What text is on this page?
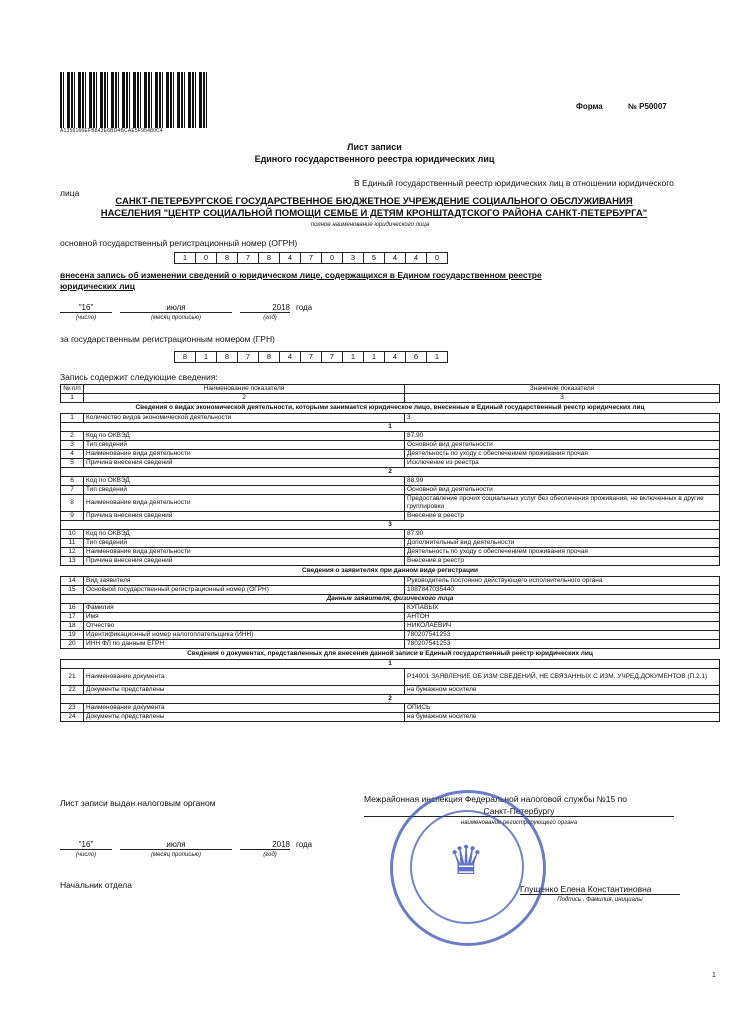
A1356166EFB843E6BD4BCAE5F95480C4
Форма	№ Р50007
Лист записи
Единого государственного реестра юридических лиц
В Единый государственный реестр юридических лиц в отношении юридического
лица
САНКТ-ПЕТЕРБУРГСКОЕ ГОСУДАРСТВЕННОЕ БЮДЖЕТНОЕ УЧРЕЖДЕНИЕ СОЦИАЛЬНОГО ОБСЛУЖИВАНИЯ
НАСЕЛЕНИЯ "ЦЕНТР СОЦИАЛЬНОЙ ПОМОЩИ СЕМЬЕ И ДЕТЯМ КРОНШТАДТСКОГО РАЙОНА САНКТ-ПЕТЕРБУРГА"
полное наименование юридического лица
основной государственный регистрационный номер (ОГРН)
1	0	8	7	8	4	7	0	3	5	4	4	0
внесена запись об изменении сведений о юридическом лице, содержащихся в Едином государственном реестре
юридических лиц
"16"	июля	2018 года
(число)	(месяц прописью)	(год)
за государственным регистрационным номером (ГРН)
8	1	8	7	8	4	7	7	1	1	4	6	1
Запись содержит следующие сведения:
№ п/п	Наименование показателя	Значение показателя
1	2	3
Сведения о видах экономической деятельности, которыми занимается юридическое лицо, внесенные в Единый государственный реестр юридических лиц		
1	Количество видов экономической деятельности	3
1		
2	Код по ОКВЭД	87.90
3	Тип сведений	Основной вид деятельности
4	Наименование вида деятельности	Деятельность по уходу с обеспечением проживания прочая
5	Причина внесения сведений	Исключение из реестра
2		
6	Код по ОКВЭД	88.99
7	Тип сведений	Основной вид деятельности
8	Наименование вида деятельности	Предоставление прочих социальных услуг без обеспечения проживания, не включенных в другие группировки
9	Причина внесения сведений	Внесение в реестр
3		
10	Код по ОКВЭД	87.90
11	Тип сведений	Дополнительный вид деятельности
12	Наименование вида деятельности	Деятельность по уходу с обеспечением проживания прочая
13	Причина внесения сведений	Внесение в реестр
Сведения о заявителях при данном виде регистрации		
14	Вид заявителя	Руководитель постоянно действующего исполнительного органа
15	Основной государственный регистрационный номер (ОГРН)	1087847035440
Данные заявителя, физического лица		
16	Фамилия	КУПАВЫХ
17	Имя	АНТОН
18	Отчество	НИКОЛАЕВИЧ
19	Идентификационный номер налогоплательщика (ИНН)	780207541253
20	ИНН ФЛ по данным ЕГРН	780207541253
Сведения о документах, представленных для внесения данной записи в Единый государственный реестр юридических лиц		
1		
21	Наименование документа	Р14001 ЗАЯВЛЕНИЕ ОБ ИЗМ СВЕДЕНИЙ, НЕ СВЯЗАННЫХ С ИЗМ. УЧРЕД.ДОКУМЕНТОВ (П.2.1)
22	Документы представлены	на бумажном носителе
2		
23	Наименование документа	ОПИСЬ
24	Документы представлены	на бумажном носителе
Лист записи выдан налоговым органом	Межрайонная инспекция Федеральной налоговой службы №15 по
Санкт-Петербургу
наименование регистрирующего органа
"16"	июля	2018 года
(число)	(месяц прописью)	(год)
Начальник отдела	Глущенко Елена Константиновна
Подпись , Фамилия, инициалы
♛
1
